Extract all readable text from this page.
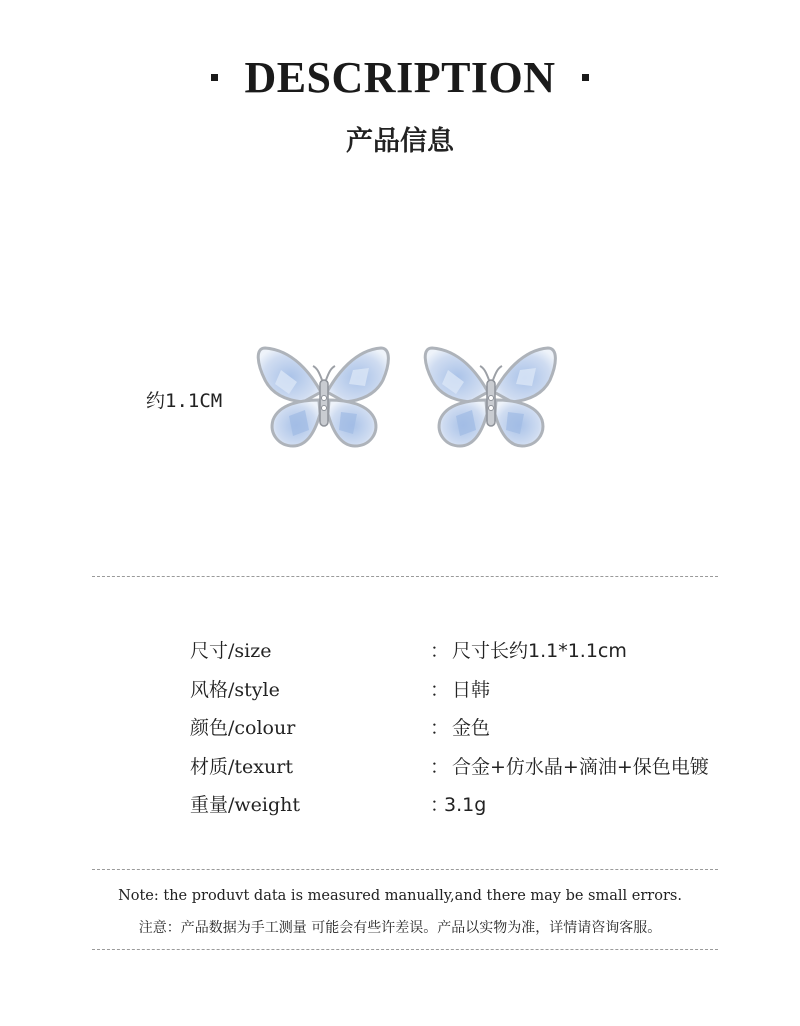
DESCRIPTION
产品信息
约1.1CM
尺寸/size	： 尺寸长约1.1*1.1cm
风格/style	： 日韩
颜色/colour	： 金色
材质/texurt	： 合金+仿水晶+滴油+保色电镀
重量/weight	：3.1g
Note: the produvt data is measured manually,and there may be small errors.
注意：产品数据为手工测量 可能会有些许差误。产品以实物为准，详情请咨询客服。
